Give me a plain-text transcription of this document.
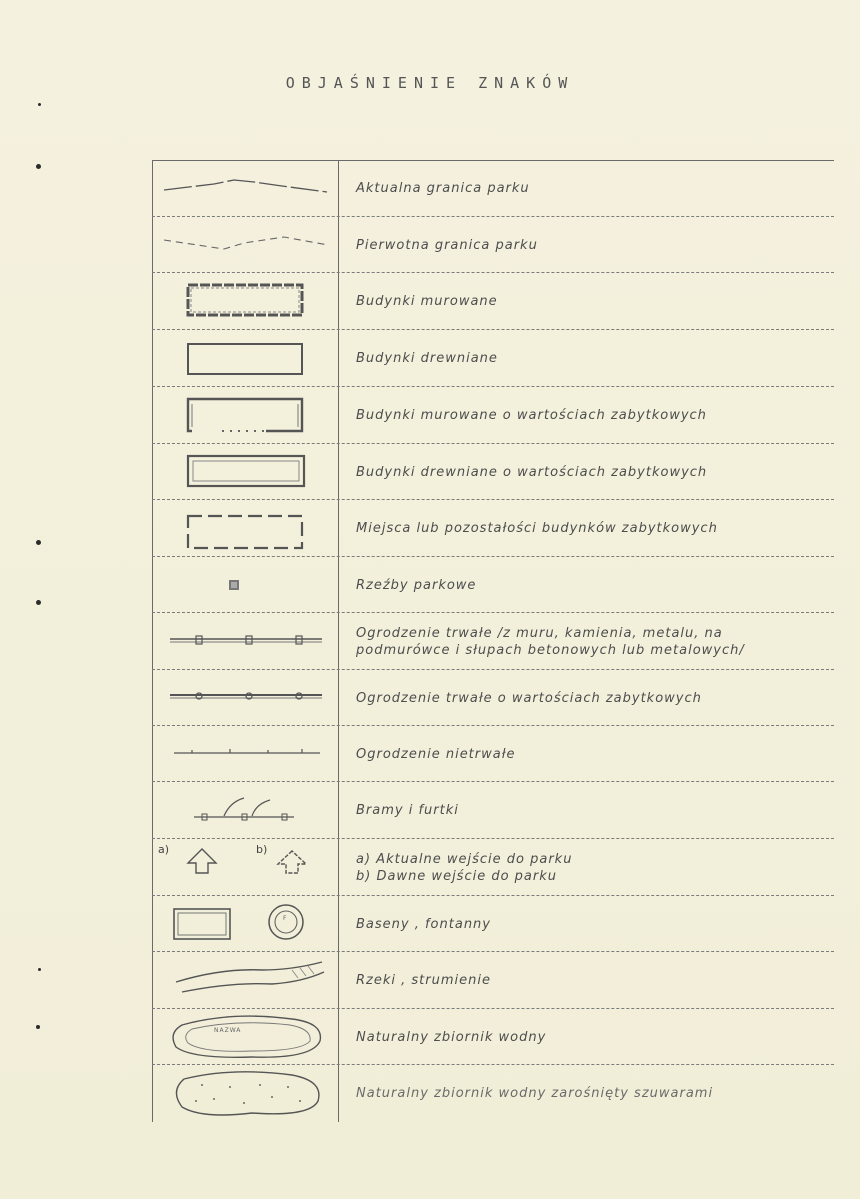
OBJAŚNIENIE ZNAKÓW
Aktualna granica parku
Pierwotna granica parku
Budynki murowane
Budynki drewniane
Budynki murowane o wartościach zabytkowych
Budynki drewniane o wartościach zabytkowych
Miejsca lub pozostałości budynków zabytkowych
Rzeźby parkowe
Ogrodzenie trwałe /z muru, kamienia, metalu, na podmurówce i słupach betonowych lub metalowych/
Ogrodzenie trwałe o wartościach zabytkowych
Ogrodzenie nietrwałe
Bramy i furtki
a)	b)
a) Aktualne wejście do parku
b) Dawne wejście do parku
F	Baseny , fontanny
Rzeki , strumienie
NAZWA	Naturalny zbiornik wodny
Naturalny zbiornik wodny zarośnięty szuwarami
